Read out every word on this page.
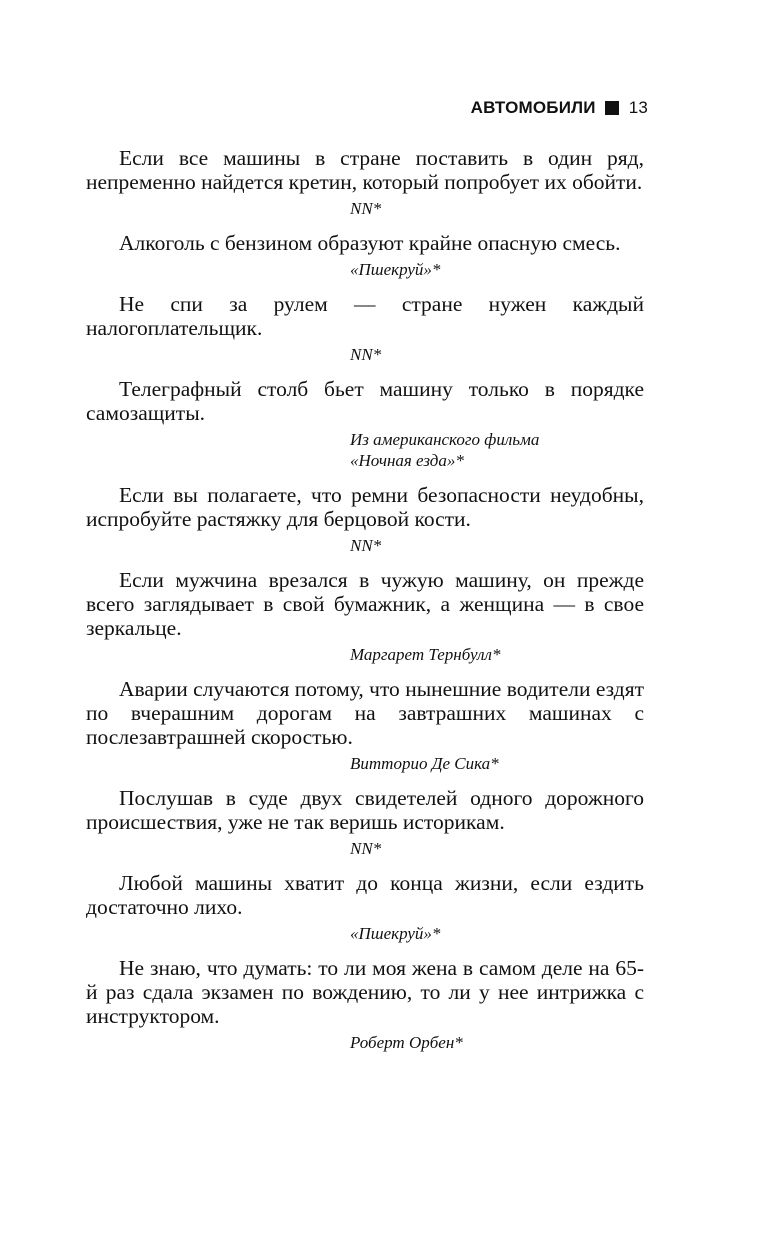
АВТОМОБИЛИ 13

Если все машины в стране поставить в один ряд, непременно найдется кретин, который попробует их обойти.

NN*

Алкоголь с бензином образуют крайне опасную смесь.

«Пшекруй»*

Не спи за рулем — стране нужен каждый налогоплательщик.

NN*

Телеграфный столб бьет машину только в порядке самозащиты.

Из американского фильма
«Ночная езда»*

Если вы полагаете, что ремни безопасности неудобны, испробуйте растяжку для берцовой кости.

NN*

Если мужчина врезался в чужую машину, он прежде всего заглядывает в свой бумажник, а женщина — в свое зеркальце.

Маргарет Тернбулл*

Аварии случаются потому, что нынешние водители ездят по вчерашним дорогам на завтрашних машинах с послезавтрашней скоростью.

Витторио Де Сика*

Послушав в суде двух свидетелей одного дорожного происшествия, уже не так веришь историкам.

NN*

Любой машины хватит до конца жизни, если ездить достаточно лихо.

«Пшекруй»*

Не знаю, что думать: то ли моя жена в самом деле на 65-й раз сдала экзамен по вождению, то ли у нее интрижка с инструктором.

Роберт Орбен*
